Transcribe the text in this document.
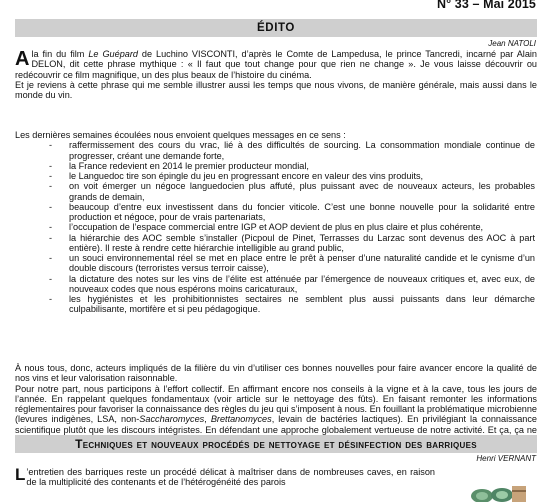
N° 33 – Mai 2015
ÉDITO
Jean NATOLI

Ala fin du film Le Guépard de Luchino VISCONTI, d’après le Comte de Lampedusa, le prince Tancredi, incarné par Alain DELON, dit cette phrase mythique : « Il faut que tout change pour que rien ne change ». Je vous laisse découvrir ou redécouvrir ce film magnifique, un des plus beaux de l’histoire du cinéma.

Et je reviens à cette phrase qui me semble illustrer aussi les temps que nous vivons, de manière générale, mais aussi dans le monde du vin.

Les dernières semaines écoulées nous envoient quelques messages en ce sens :

- raffermissement des cours du vrac, lié à des difficultés de sourcing. La consommation mondiale continue de progresser, créant une demande forte,
- la France redevient en 2014 le premier producteur mondial,
- le Languedoc tire son épingle du jeu en progressant encore en valeur des vins produits,
- on voit émerger un négoce languedocien plus affuté, plus puissant avec de nouveaux acteurs, les probables grands de demain,
- beaucoup d’entre eux investissent dans du foncier viticole. C’est une bonne nouvelle pour la solidarité entre production et négoce, pour de vrais partenariats,
- l’occupation de l’espace commercial entre IGP et AOP devient de plus en plus claire et plus cohérente,
- la hiérarchie des AOC semble s’installer (Picpoul de Pinet, Terrasses du Larzac sont devenus des AOC à part entière). Il reste à rendre cette hiérarchie intelligible au grand public,
- un souci environnemental réel se met en place entre le prêt à penser d’une naturalité candide et le cynisme d’un double discours (terroristes versus terroir caisse),
- la dictature des notes sur les vins de l’élite est atténuée par l’émergence de nouveaux critiques et, avec eux, de nouveaux codes que nous espérons moins caricaturaux,
- les hygiénistes et les prohibitionnistes sectaires ne semblent plus aussi puissants dans leur démarche culpabilisante, mortifère et si peu pédagogique.

À nous tous, donc, acteurs impliqués de la filière du vin d’utiliser ces bonnes nouvelles pour faire avancer encore la qualité de nos vins et leur valorisation raisonnable.

Pour notre part, nous participons à l’effort collectif. En affirmant encore nos conseils à la vigne et à la cave, tous les jours de l’année. En rappelant quelques fondamentaux (voir article sur le nettoyage des fûts). En faisant remonter les informations réglementaires pour favoriser la connaissance des règles du jeu qui s’imposent à nous. En fouillant la problématique microbienne (levures indigènes, LSA, non-Saccharomyces, Brettanomyces, levain de bactéries lactiques). En privilégiant la connaissance scientifique plutôt que les discours intégristes. En défendant une approche globalement vertueuse de notre activité. Et ça, ça ne

Techniques et nouveaux procédés de nettoyage et désinfection des barriques
Henri VERNANT

L ’entretien des barriques reste un procédé délicat à maîtriser dans de nombreuses caves, en raison de la multiplicité des contenants et de l’hétérogénéité des parois
